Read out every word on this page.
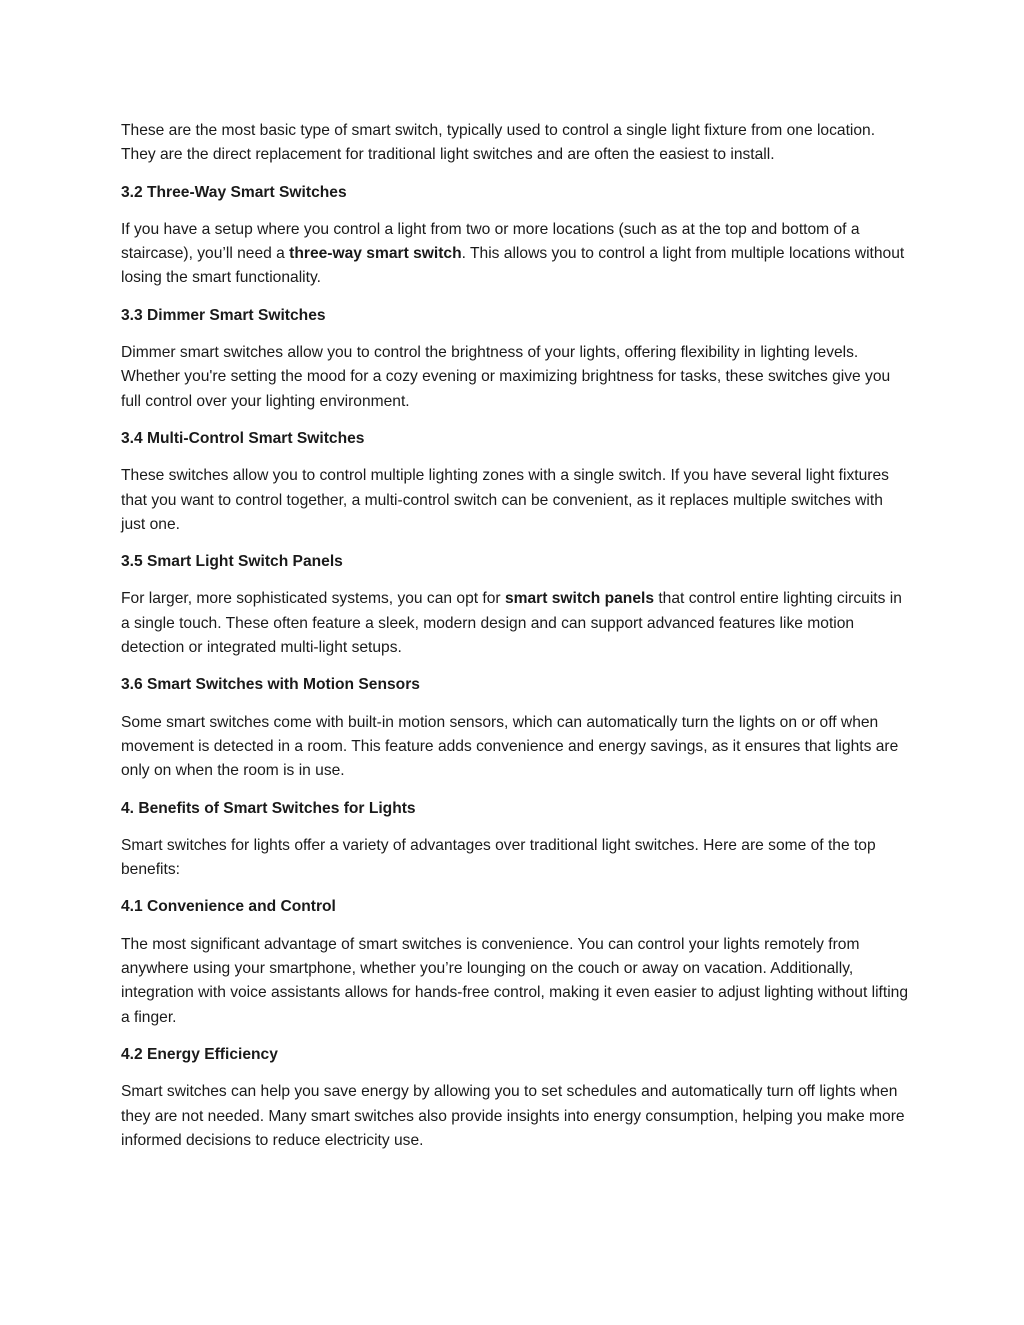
These are the most basic type of smart switch, typically used to control a single light fixture from one location. They are the direct replacement for traditional light switches and are often the easiest to install.

3.2 Three-Way Smart Switches

If you have a setup where you control a light from two or more locations (such as at the top and bottom of a staircase), you’ll need a three-way smart switch. This allows you to control a light from multiple locations without losing the smart functionality.

3.3 Dimmer Smart Switches

Dimmer smart switches allow you to control the brightness of your lights, offering flexibility in lighting levels. Whether you're setting the mood for a cozy evening or maximizing brightness for tasks, these switches give you full control over your lighting environment.

3.4 Multi-Control Smart Switches

These switches allow you to control multiple lighting zones with a single switch. If you have several light fixtures that you want to control together, a multi-control switch can be convenient, as it replaces multiple switches with just one.

3.5 Smart Light Switch Panels

For larger, more sophisticated systems, you can opt for smart switch panels that control entire lighting circuits in a single touch. These often feature a sleek, modern design and can support advanced features like motion detection or integrated multi-light setups.

3.6 Smart Switches with Motion Sensors

Some smart switches come with built-in motion sensors, which can automatically turn the lights on or off when movement is detected in a room. This feature adds convenience and energy savings, as it ensures that lights are only on when the room is in use.

4. Benefits of Smart Switches for Lights

Smart switches for lights offer a variety of advantages over traditional light switches. Here are some of the top benefits:

4.1 Convenience and Control

The most significant advantage of smart switches is convenience. You can control your lights remotely from anywhere using your smartphone, whether you’re lounging on the couch or away on vacation. Additionally, integration with voice assistants allows for hands-free control, making it even easier to adjust lighting without lifting a finger.

4.2 Energy Efficiency

Smart switches can help you save energy by allowing you to set schedules and automatically turn off lights when they are not needed. Many smart switches also provide insights into energy consumption, helping you make more informed decisions to reduce electricity use.
